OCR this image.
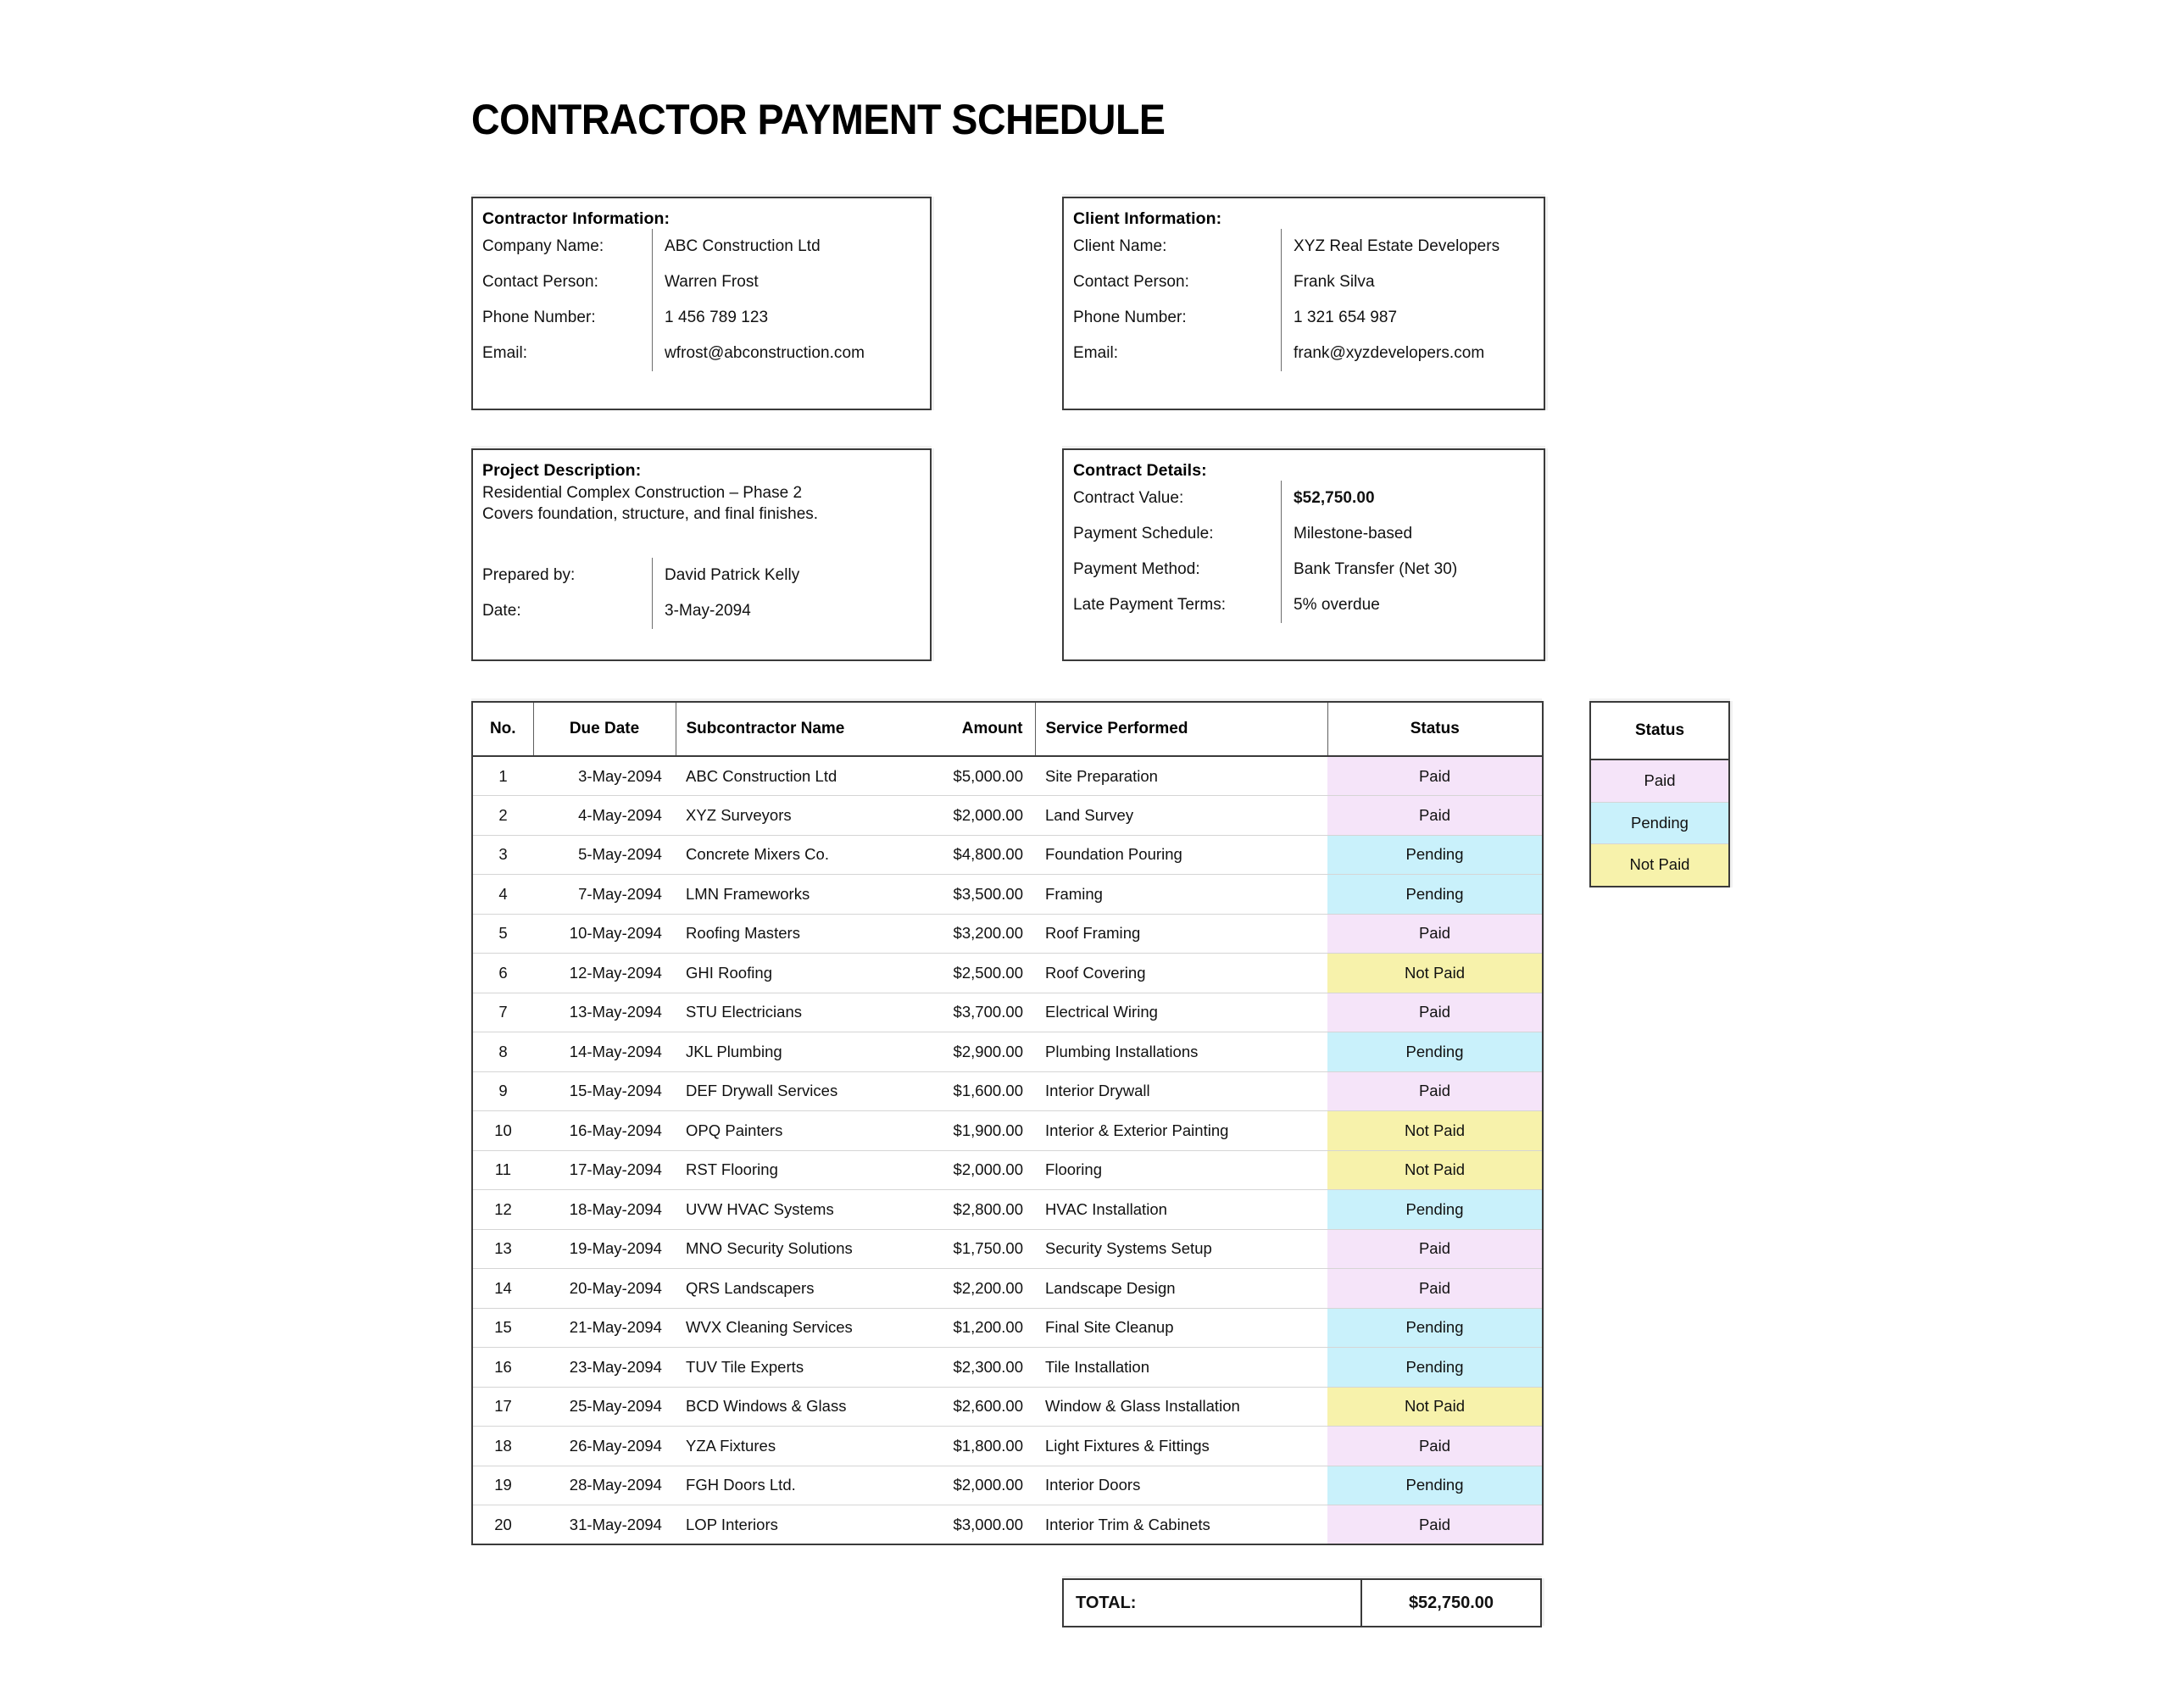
CONTRACTOR PAYMENT SCHEDULE
Contractor Information:
Company Name:	ABC Construction Ltd
Contact Person:	Warren Frost
Phone Number:	1 456 789 123
Email:	wfrost@abconstruction.com
Client Information:
Client Name:	XYZ Real Estate Developers
Contact Person:	Frank Silva
Phone Number:	1 321 654 987
Email:	frank@xyzdevelopers.com
Project Description:
Residential Complex Construction – Phase 2
Covers foundation, structure, and final finishes.
Prepared by:	David Patrick Kelly
Date:	3-May-2094
Contract Details:
Contract Value:	$52,750.00
Payment Schedule:	Milestone-based
Payment Method:	Bank Transfer (Net 30)
Late Payment Terms:	5% overdue
No.	Due Date	Subcontractor Name	Amount	Service Performed	Status
1	3-May-2094	ABC Construction Ltd	$5,000.00	Site Preparation	Paid
2	4-May-2094	XYZ Surveyors	$2,000.00	Land Survey	Paid
3	5-May-2094	Concrete Mixers Co.	$4,800.00	Foundation Pouring	Pending
4	7-May-2094	LMN Frameworks	$3,500.00	Framing	Pending
5	10-May-2094	Roofing Masters	$3,200.00	Roof Framing	Paid
6	12-May-2094	GHI Roofing	$2,500.00	Roof Covering	Not Paid
7	13-May-2094	STU Electricians	$3,700.00	Electrical Wiring	Paid
8	14-May-2094	JKL Plumbing	$2,900.00	Plumbing Installations	Pending
9	15-May-2094	DEF Drywall Services	$1,600.00	Interior Drywall	Paid
10	16-May-2094	OPQ Painters	$1,900.00	Interior & Exterior Painting	Not Paid
11	17-May-2094	RST Flooring	$2,000.00	Flooring	Not Paid
12	18-May-2094	UVW HVAC Systems	$2,800.00	HVAC Installation	Pending
13	19-May-2094	MNO Security Solutions	$1,750.00	Security Systems Setup	Paid
14	20-May-2094	QRS Landscapers	$2,200.00	Landscape Design	Paid
15	21-May-2094	WVX Cleaning Services	$1,200.00	Final Site Cleanup	Pending
16	23-May-2094	TUV Tile Experts	$2,300.00	Tile Installation	Pending
17	25-May-2094	BCD Windows & Glass	$2,600.00	Window & Glass Installation	Not Paid
18	26-May-2094	YZA Fixtures	$1,800.00	Light Fixtures & Fittings	Paid
19	28-May-2094	FGH Doors Ltd.	$2,000.00	Interior Doors	Pending
20	31-May-2094	LOP Interiors	$3,000.00	Interior Trim & Cabinets	Paid
Status
Paid
Pending
Not Paid
TOTAL:	$52,750.00
